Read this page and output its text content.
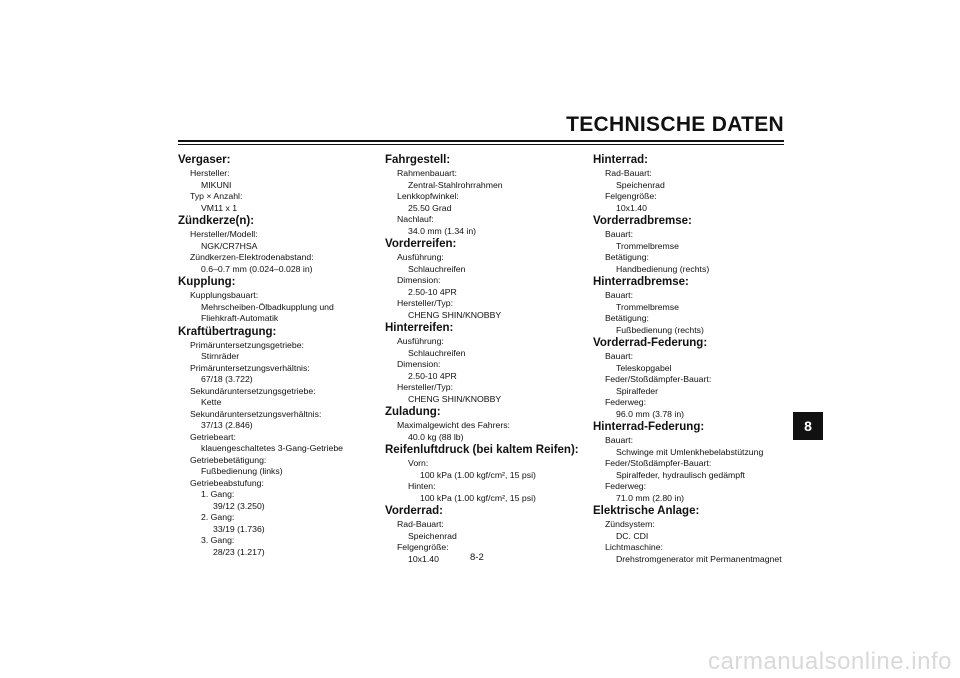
TECHNISCHE DATEN
Vergaser:
Hersteller:
MIKUNI
Typ × Anzahl:
VM11 x 1
Zündkerze(n):
Hersteller/Modell:
NGK/CR7HSA
Zündkerzen-Elektrodenabstand:
0.6–0.7 mm (0.024–0.028 in)
Kupplung:
Kupplungsbauart:
Mehrscheiben-Ölbadkupplung und
Fliehkraft-Automatik
Kraftübertragung:
Primäruntersetzungsgetriebe:
Stirnräder
Primäruntersetzungsverhältnis:
67/18 (3.722)
Sekundäruntersetzungsgetriebe:
Kette
Sekundäruntersetzungsverhältnis:
37/13 (2.846)
Getriebeart:
klauengeschaltetes 3-Gang-Getriebe
Getriebebetätigung:
Fußbedienung (links)
Getriebeabstufung:
1. Gang:
39/12 (3.250)
2. Gang:
33/19 (1.736)
3. Gang:
28/23 (1.217)
Fahrgestell:
Rahmenbauart:
Zentral-Stahlrohrrahmen
Lenkkopfwinkel:
25.50 Grad
Nachlauf:
34.0 mm (1.34 in)
Vorderreifen:
Ausführung:
Schlauchreifen
Dimension:
2.50-10 4PR
Hersteller/Typ:
CHENG SHIN/KNOBBY
Hinterreifen:
Ausführung:
Schlauchreifen
Dimension:
2.50-10 4PR
Hersteller/Typ:
CHENG SHIN/KNOBBY
Zuladung:
Maximalgewicht des Fahrers:
40.0 kg (88 lb)
Reifenluftdruck (bei kaltem Reifen):
Vorn:
100 kPa (1.00 kgf/cm², 15 psi)
Hinten:
100 kPa (1.00 kgf/cm², 15 psi)
Vorderrad:
Rad-Bauart:
Speichenrad
Felgengröße:
10x1.40
Hinterrad:
Rad-Bauart:
Speichenrad
Felgengröße:
10x1.40
Vorderradbremse:
Bauart:
Trommelbremse
Betätigung:
Handbedienung (rechts)
Hinterradbremse:
Bauart:
Trommelbremse
Betätigung:
Fußbedienung (rechts)
Vorderrad-Federung:
Bauart:
Teleskopgabel
Feder/Stoßdämpfer-Bauart:
Spiralfeder
Federweg:
96.0 mm (3.78 in)
Hinterrad-Federung:
Bauart:
Schwinge mit Umlenkhebelabstützung
Feder/Stoßdämpfer-Bauart:
Spiralfeder, hydraulisch gedämpft
Federweg:
71.0 mm (2.80 in)
Elektrische Anlage:
Zündsystem:
DC. CDI
Lichtmaschine:
Drehstromgenerator mit Permanentmagnet
8
8-2
carmanualsonline.info
